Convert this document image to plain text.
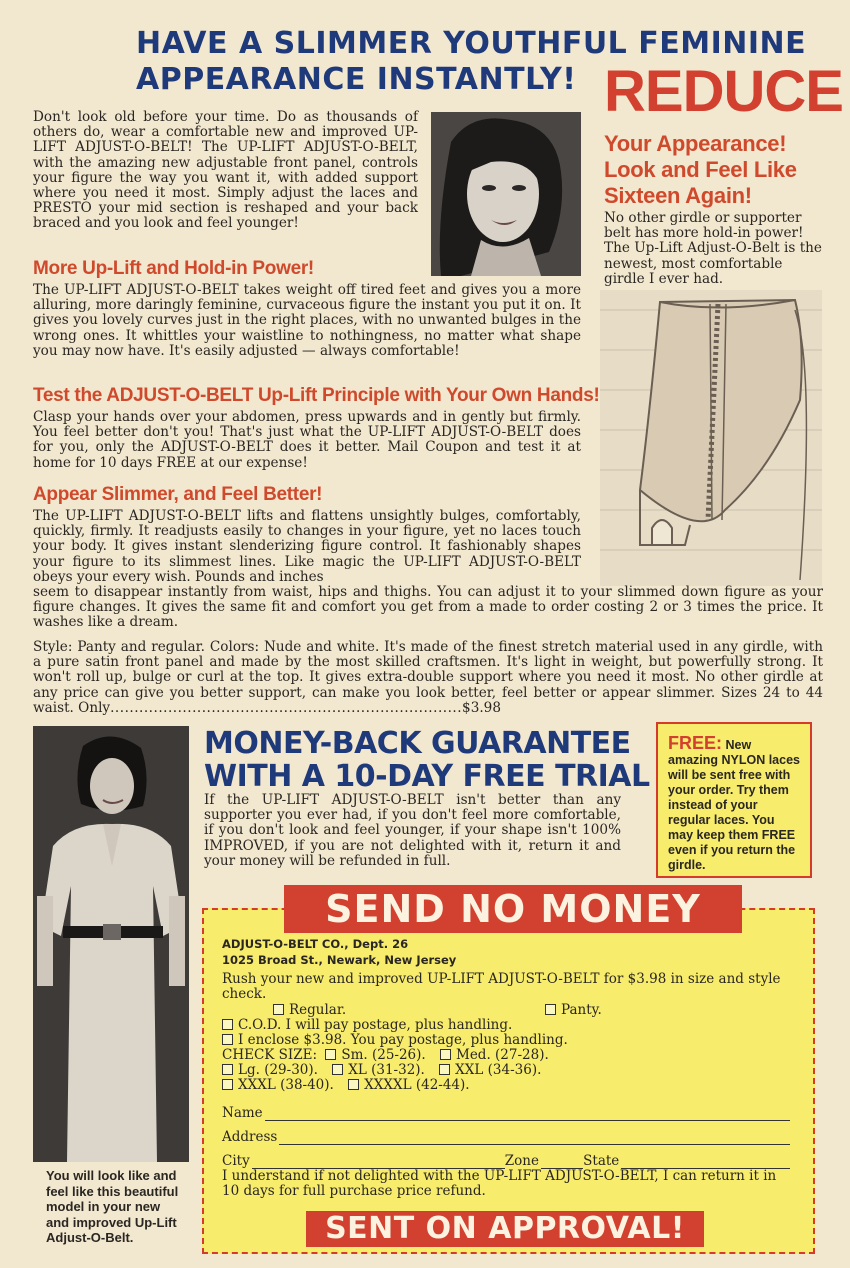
HAVE A SLIMMER YOUTHFUL FEMININE
APPEARANCE INSTANTLY! REDUCE
Don't look old before your time. Do as thousands of others do, wear a comfortable new and improved UP-LIFT ADJUST-O-BELT! The UP-LIFT ADJUST-O-BELT, with the amazing new adjustable front panel, controls your figure the way you want it, with added support where you need it most. Simply adjust the laces and PRESTO your mid section is reshaped and your back braced and you look and feel younger!
Your Appearance!
Look and Feel Like
Sixteen Again!
No other girdle or supporter belt has more hold-in power! The Up-Lift Adjust-O-Belt is the newest, most comfortable girdle I ever had.
More Up-Lift and Hold-in Power!
The UP-LIFT ADJUST-O-BELT takes weight off tired feet and gives you a more alluring, more daringly feminine, curvaceous figure the instant you put it on. It gives you lovely curves just in the right places, with no unwanted bulges in the wrong ones. It whittles your waistline to nothingness, no matter what shape you may now have. It's easily adjusted — always comfortable!
Test the ADJUST-O-BELT Up-Lift Principle with Your Own Hands!
Clasp your hands over your abdomen, press upwards and in gently but firmly. You feel better don't you! That's just what the UP-LIFT ADJUST-O-BELT does for you, only the ADJUST-O-BELT does it better. Mail Coupon and test it at home for 10 days FREE at our expense!
Appear Slimmer, and Feel Better!
The UP-LIFT ADJUST-O-BELT lifts and flattens unsightly bulges, comfortably, quickly, firmly. It readjusts easily to changes in your figure, yet no laces touch your body. It gives instant slenderizing figure control. It fashionably shapes your figure to its slimmest lines. Like magic the UP-LIFT ADJUST-O-BELT obeys your every wish. Pounds and inches
seem to disappear instantly from waist, hips and thighs. You can adjust it to your slimmed down figure as your figure changes. It gives the same fit and comfort you get from a made to order costing 2 or 3 times the price. It washes like a dream.
Style: Panty and regular. Colors: Nude and white. It's made of the finest stretch material used in any girdle, with a pure satin front panel and made by the most skilled craftsmen. It's light in weight, but powerfully strong. It won't roll up, bulge or curl at the top. It gives extra-double support where you need it most. No other girdle at any price can give you better support, can make you look better, feel better or appear slimmer. Sizes 24 to 44 waist. Only.........................................................................$3.98
You will look like and feel like this beautiful model in your new and improved Up-Lift Adjust-O-Belt.
MONEY-BACK GUARANTEE
WITH A 10-DAY FREE TRIAL
If the UP-LIFT ADJUST-O-BELT isn't better than any supporter you ever had, if you don't feel more comfortable, if you don't look and feel younger, if your shape isn't 100% IMPROVED, if you are not delighted with it, return it and your money will be refunded in full.
FREE: New amazing NYLON laces will be sent free with your order. Try them instead of your regular laces. You may keep them FREE even if you return the girdle.
SEND NO MONEY
ADJUST-O-BELT CO., Dept. 26
1025 Broad St., Newark, New Jersey
Rush your new and improved UP-LIFT ADJUST-O-BELT for $3.98 in size and style check.
Regular.	Panty.
C.O.D. I will pay postage, plus handling.
I enclose $3.98. You pay postage, plus handling.
CHECK SIZE: Sm. (25-26). Med. (27-28).
Lg. (29-30). XL (31-32). XXL (34-36).
XXXL (38-40). XXXXL (42-44).
Name
Address
City	Zone	State
I understand if not delighted with the UP-LIFT ADJUST-O-BELT, I can return it in 10 days for full purchase price refund.
SENT ON APPROVAL!
